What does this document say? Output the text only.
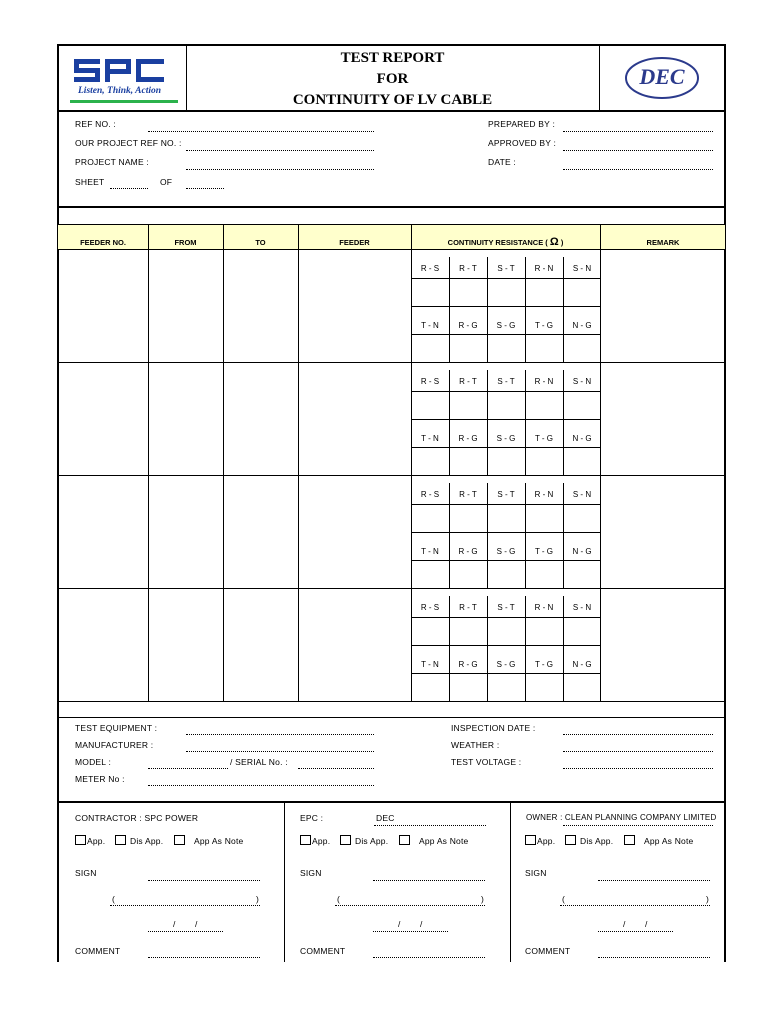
Listen, Think, Action
TEST REPORT
FOR
CONTINUITY OF LV CABLE
DEC
REF NO. :
OUR PROJECT REF NO. :
PROJECT NAME :
SHEET	OF
PREPARED BY :
APPROVED BY :
DATE :
FEEDER NO.	FROM	TO	FEEDER	CONTINUITY RESISTANCE ( Ω )	REMARK
R - S	R - T	S - T	R - N	S - N
T - N	R - G	S - G	T - G	N - G
R - S	R - T	S - T	R - N	S - N
T - N	R - G	S - G	T - G	N - G
R - S	R - T	S - T	R - N	S - N
T - N	R - G	S - G	T - G	N - G
R - S	R - T	S - T	R - N	S - N
T - N	R - G	S - G	T - G	N - G
TEST EQUIPMENT :
MANUFACTURER :
MODEL :	/ SERIAL No. :
METER No :
INSPECTION DATE :
WEATHER :
TEST VOLTAGE :
CONTRACTOR : SPC POWER	EPC :	DEC	OWNER : CLEAN PLANNING COMPANY LIMITED
App.	Dis App.	App As Note
SIGN
(	)
/ /
COMMENT
App.	Dis App.	App As Note
SIGN
(	)
/ /
COMMENT
App.	Dis App.	App As Note
SIGN
(	)
/ /
COMMENT
